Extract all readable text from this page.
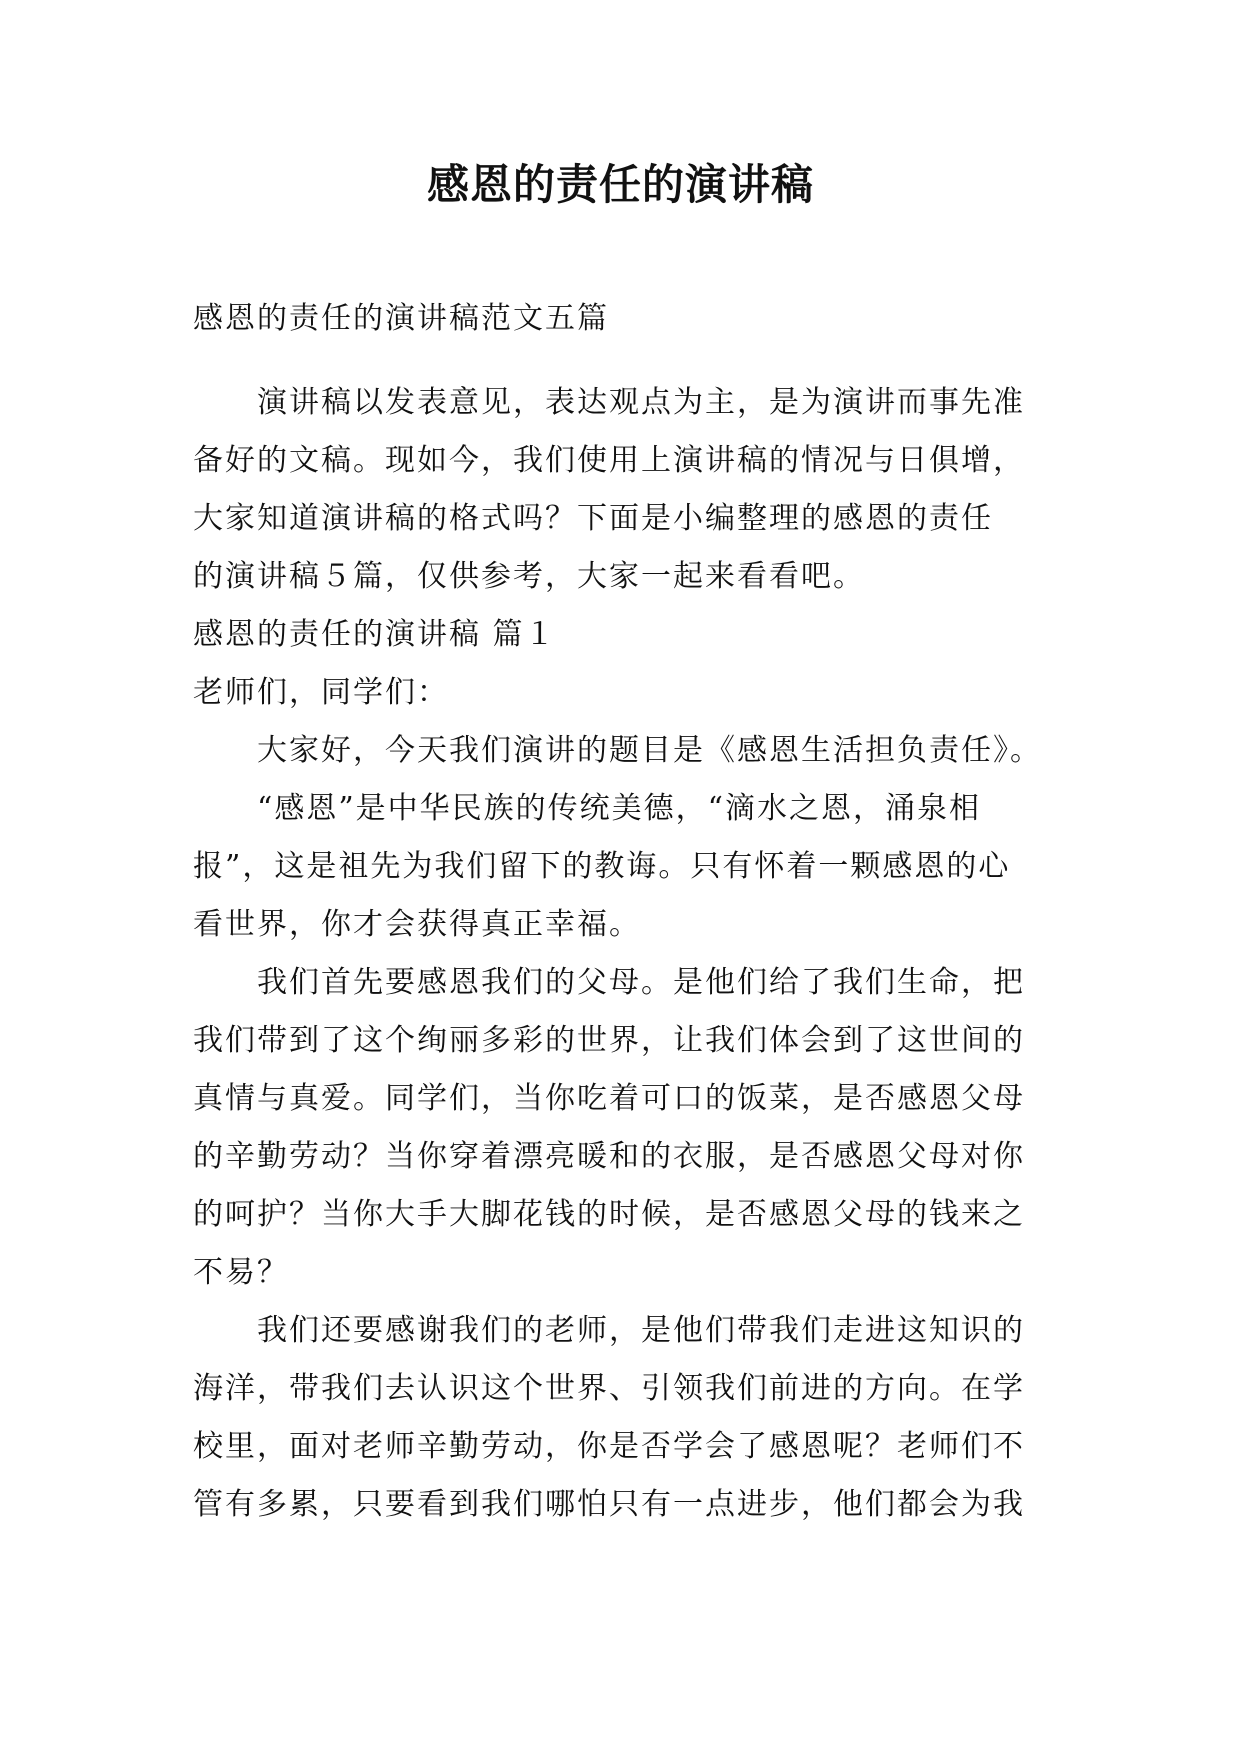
感恩的责任的演讲稿
感恩的责任的演讲稿范文五篇
演讲稿以发表意见，表达观点为主，是为演讲而事先准
备好的文稿。现如今，我们使用上演讲稿的情况与日俱增，
大家知道演讲稿的格式吗？下面是小编整理的感恩的责任
的演讲稿５篇，仅供参考，大家一起来看看吧。
感恩的责任的演讲稿 篇１
老师们，同学们：
大家好，今天我们演讲的题目是《感恩生活担负责任》。
“感恩”是中华民族的传统美德，“滴水之恩，涌泉相
报”，这是祖先为我们留下的教诲。只有怀着一颗感恩的心
看世界，你才会获得真正幸福。
我们首先要感恩我们的父母。是他们给了我们生命，把
我们带到了这个绚丽多彩的世界，让我们体会到了这世间的
真情与真爱。同学们，当你吃着可口的饭菜，是否感恩父母
的辛勤劳动？当你穿着漂亮暖和的衣服，是否感恩父母对你
的呵护？当你大手大脚花钱的时候，是否感恩父母的钱来之
不易？
我们还要感谢我们的老师，是他们带我们走进这知识的
海洋，带我们去认识这个世界、引领我们前进的方向。在学
校里，面对老师辛勤劳动，你是否学会了感恩呢？老师们不
管有多累，只要看到我们哪怕只有一点进步，他们都会为我
